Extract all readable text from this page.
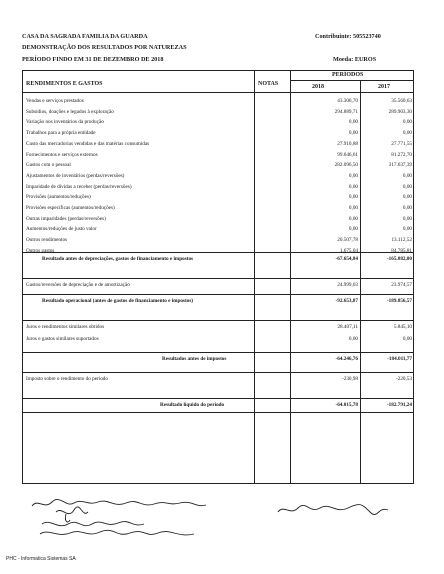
CASA DA SAGRADA FAMILIA DA GUARDA
DEMONSTRAÇÃO DOS RESULTADOS POR NATUREZAS
PERÍODO FINDO EM 31 DE DEZEMBRO DE 2018
Contribuinte: 505523740
Moeda: EUROS
RENDIMENTOS E GASTOS	NOTAS
PERÍODOS
2018	2017
Vendas e serviços prestados	43.306,70	35.560,63
Subsídios, doações e legados à exploração	294.889,71	289.903,30
Variação nos inventários da produção	0,00	0,00
Trabalhos para a própria entidade	0,00	0,00
Custo das mercadorias vendidas e das matérias consumidas	27.910,88	27.771,55
Fornecimentos e serviços externos	99.646,61	81.272,70
Gastos com o pessoal	282.096,50	317.637,39
Ajustamentos de inventários (perdas/reversões)	0,00	0,00
Imparidade de dívidas a receber (perdas/reversões)	0,00	0,00
Provisões (aumentos/reduções)	0,00	0,00
Provisões específicas (aumentos/reduções)	0,00	0,00
Outras imparidades (perdas/reversões)	0,00	0,00
Aumentos/reduções de justo valor	0,00	0,00
Outros rendimentos	20.507,78	13.112,52
Outros gastos	1.675,04	84.785,81
Resultado antes de depreciações, gastos de financiamento e impostos	-67.654,84	-165.882,00
Gastos/reversões de depreciação e de amortização	24.999,03	23.974,57
Resultado operacional (antes de gastos de financiamento e impostos)	-92.653,87	-189.856,57
Juros e rendimentos similares obtidos	28.407,11	5.845,10
Juros e gastos similares suportados	0,00	0,00
Resultados antes de impostos	-64.246,76	-184.011,77
Imposto sobre o rendimento do período	-230,98	-220,53
Resultado líquido do período	-64.015,78	-182.791,24
PHC - Informatica Sistemas SA
